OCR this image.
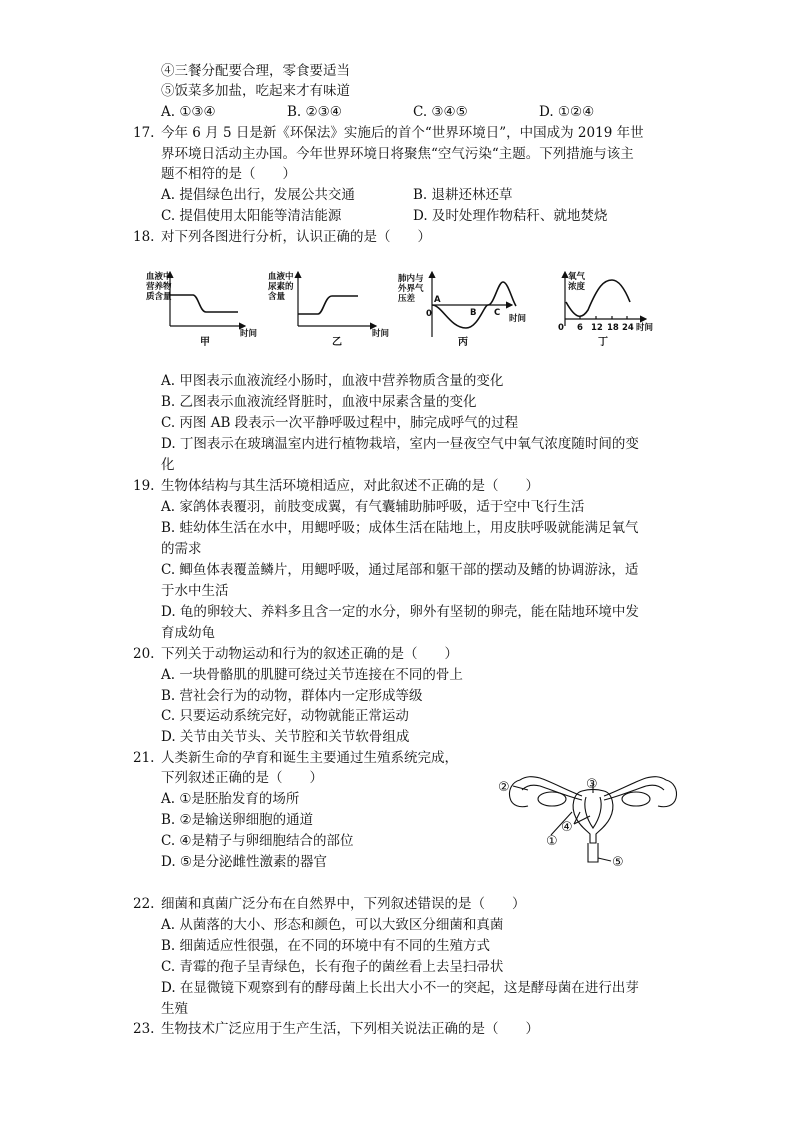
④三餐分配要合理，零食要适当
⑤饭菜多加盐，吃起来才有味道
A. ①③④	B. ②③④	C. ③④⑤	D. ①②④
17. 今年 6 月 5 日是新《环保法》实施后的首个“世界环境日”，中国成为 2019 年世
界环境日活动主办国。今年世界环境日将聚焦“空气污染“主题。下列措施与该主
题不相符的是（　　）
A. 提倡绿色出行，发展公共交通	B. 退耕还林还草
C. 提倡使用太阳能等清洁能源	D. 及时处理作物秸秆、就地焚烧
18. 对下列各图进行分析，认识正确的是（　　）
血液中
营养物
质含量
时间
甲
血液中
尿素的
含量
时间
乙
肺内与
外界气
压差
0
A
B C
时间
丙
氧气
浓度
0 6 12 18 24 时间
丁
②	③
①
④
⑤
A. 甲图表示血液流经小肠时，血液中营养物质含量的变化
B. 乙图表示血液流经肾脏时，血液中尿素含量的变化
C. 丙图 AB 段表示一次平静呼吸过程中，肺完成呼气的过程
D. 丁图表示在玻璃温室内进行植物栽培，室内一昼夜空气中氧气浓度随时间的变
化
19. 生物体结构与其生活环境相适应，对此叙述不正确的是（　　）
A. 家鸽体表覆羽，前肢变成翼，有气囊辅助肺呼吸，适于空中飞行生活
B. 蛙幼体生活在水中，用鳃呼吸；成体生活在陆地上，用皮肤呼吸就能满足氧气
的需求
C. 鲫鱼体表覆盖鳞片，用鳃呼吸，通过尾部和躯干部的摆动及鳍的协调游泳，适
于水中生活
D. 龟的卵较大、养料多且含一定的水分，卵外有坚韧的卵壳，能在陆地环境中发
育成幼龟
20. 下列关于动物运动和行为的叙述正确的是（　　）
A. 一块骨骼肌的肌腱可绕过关节连接在不同的骨上
B. 营社会行为的动物，群体内一定形成等级
C. 只要运动系统完好，动物就能正常运动
D. 关节由关节头、关节腔和关节软骨组成
21. 人类新生命的孕育和诞生主要通过生殖系统完成，
下列叙述正确的是（　　）
A. ①是胚胎发育的场所
B. ②是输送卵细胞的通道
C. ④是精子与卵细胞结合的部位
D. ⑤是分泌雌性激素的器官
22. 细菌和真菌广泛分布在自然界中，下列叙述错误的是（　　）
A. 从菌落的大小、形态和颜色，可以大致区分细菌和真菌
B. 细菌适应性很强，在不同的环境中有不同的生殖方式
C. 青霉的孢子呈青绿色，长有孢子的菌丝看上去呈扫帚状
D. 在显微镜下观察到有的酵母菌上长出大小不一的突起，这是酵母菌在进行出芽
生殖
23. 生物技术广泛应用于生产生活，下列相关说法正确的是（　　）
